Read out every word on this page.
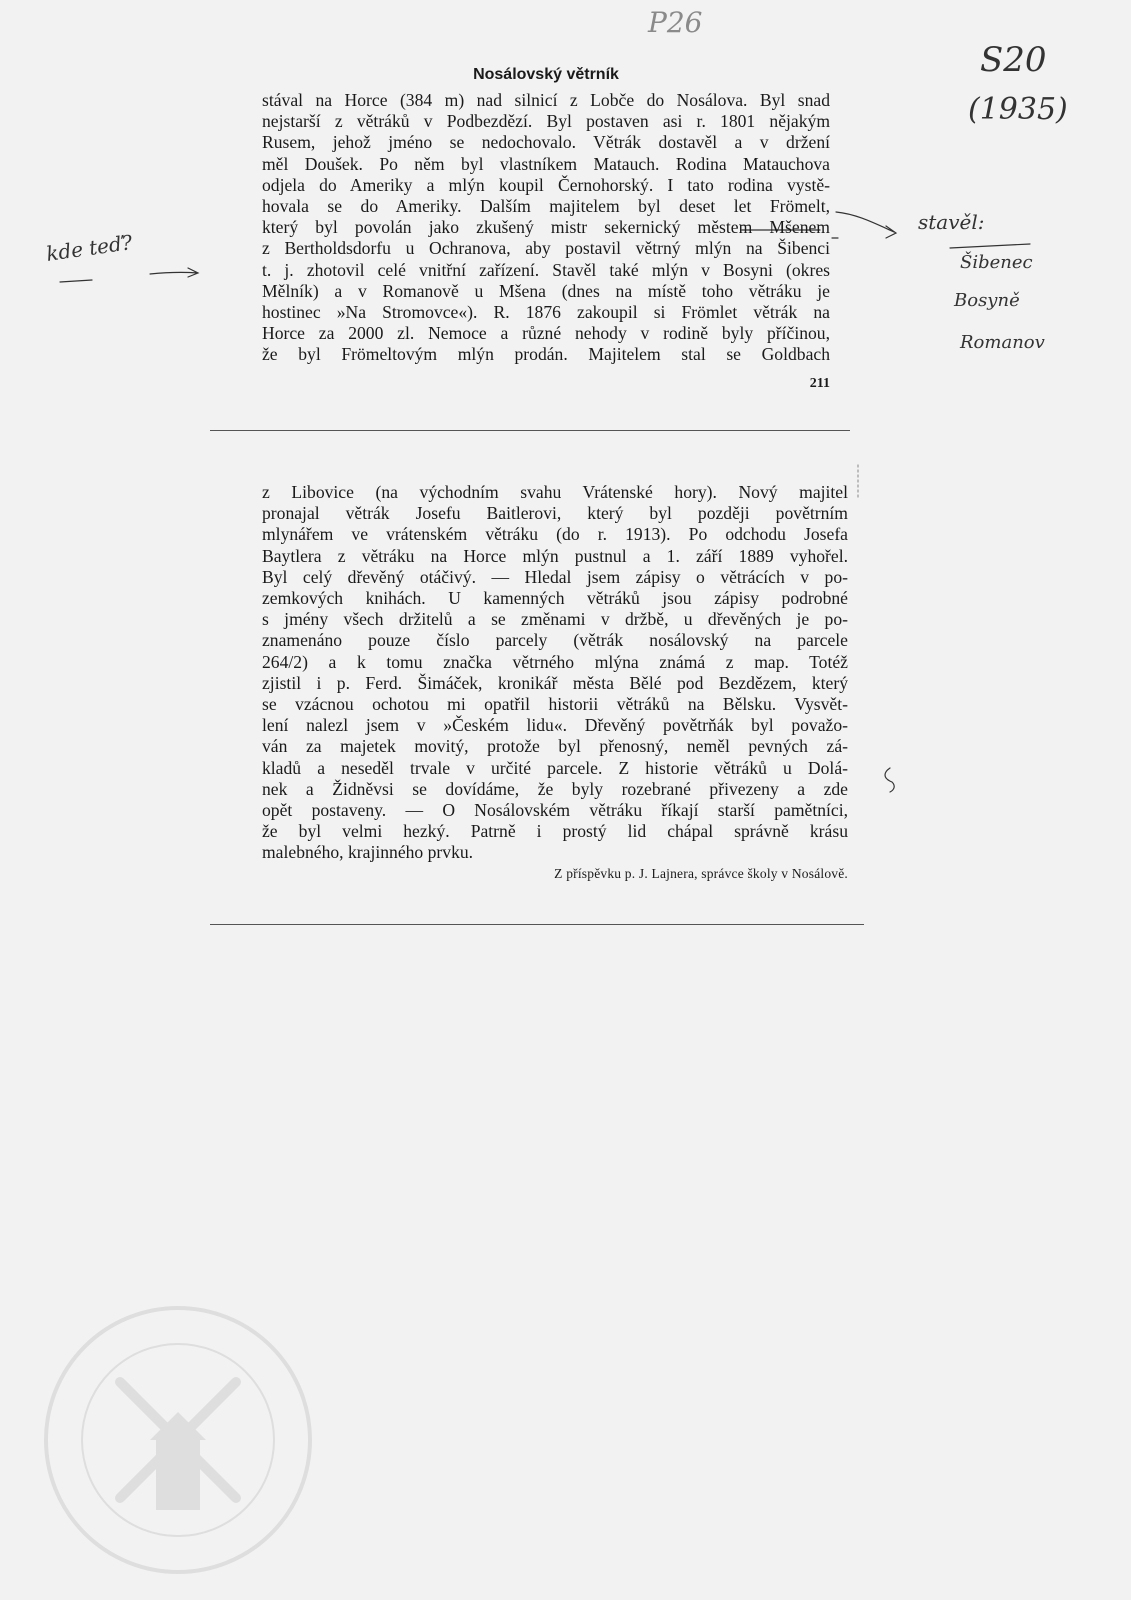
P26
S20
(1935)
kde teď?
stavěl:
Šibenec
Bosyně
Romanov
Nosálovský větrník

stával na Horce (384 m) nad silnicí z Lobče do Nosálova. Byl snad

nejstarší z větráků v Podbezdězí. Byl postaven asi r. 1801 nějakým

Rusem, jehož jméno se nedochovalo. Větrák dostavěl a v držení

měl Doušek. Po něm byl vlastníkem Matauch. Rodina Matauchova

odjela do Ameriky a mlýn koupil Černohorský. I tato rodina vystě-

hovala se do Ameriky. Dalším majitelem byl deset let Frömelt,

který byl povolán jako zkušený mistr sekernický městem Mšenem

z Bertholdsdorfu u Ochranova, aby postavil větrný mlýn na Šibenci

t. j. zhotovil celé vnitřní zařízení. Stavěl také mlýn v Bosyni (okres

Mělník) a v Romanově u Mšena (dnes na místě toho větráku je

hostinec »Na Stromovce«). R. 1876 zakoupil si Frömlet větrák na

Horce za 2000 zl. Nemoce a různé nehody v rodině byly příčinou,

že byl Frömeltovým mlýn prodán. Majitelem stal se Goldbach

211

z Libovice (na východním svahu Vrátenské hory). Nový majitel

pronajal větrák Josefu Baitlerovi, který byl později povětrním

mlynářem ve vrátenském větráku (do r. 1913). Po odchodu Josefa

Baytlera z větráku na Horce mlýn pustnul a 1. září 1889 vyhořel.

Byl celý dřevěný otáčivý. — Hledal jsem zápisy o větrácích v po-

zemkových knihách. U kamenných větráků jsou zápisy podrobné

s jmény všech držitelů a se změnami v držbě, u dřevěných je po-

znamenáno pouze číslo parcely (větrák nosálovský na parcele

264/2) a k tomu značka větrného mlýna známá z map. Totéž

zjistil i p. Ferd. Šimáček, kronikář města Bělé pod Bezdězem, který

se vzácnou ochotou mi opatřil historii větráků na Bělsku. Vysvět-

lení nalezl jsem v »Českém lidu«. Dřevěný povětrňák byl považo-

ván za majetek movitý, protože byl přenosný, neměl pevných zá-

kladů a neseděl trvale v určité parcele. Z historie větráků u Dolá-

nek a Židněvsi se dovídáme, že byly rozebrané přivezeny a zde

opět postaveny. — O Nosálovském větráku říkají starší pamětníci,

že byl velmi hezký. Patrně i prostý lid chápal správně krásu

malebného, krajinného prvku.

Z příspěvku p. J. Lajnera, správce školy v Nosálově.
